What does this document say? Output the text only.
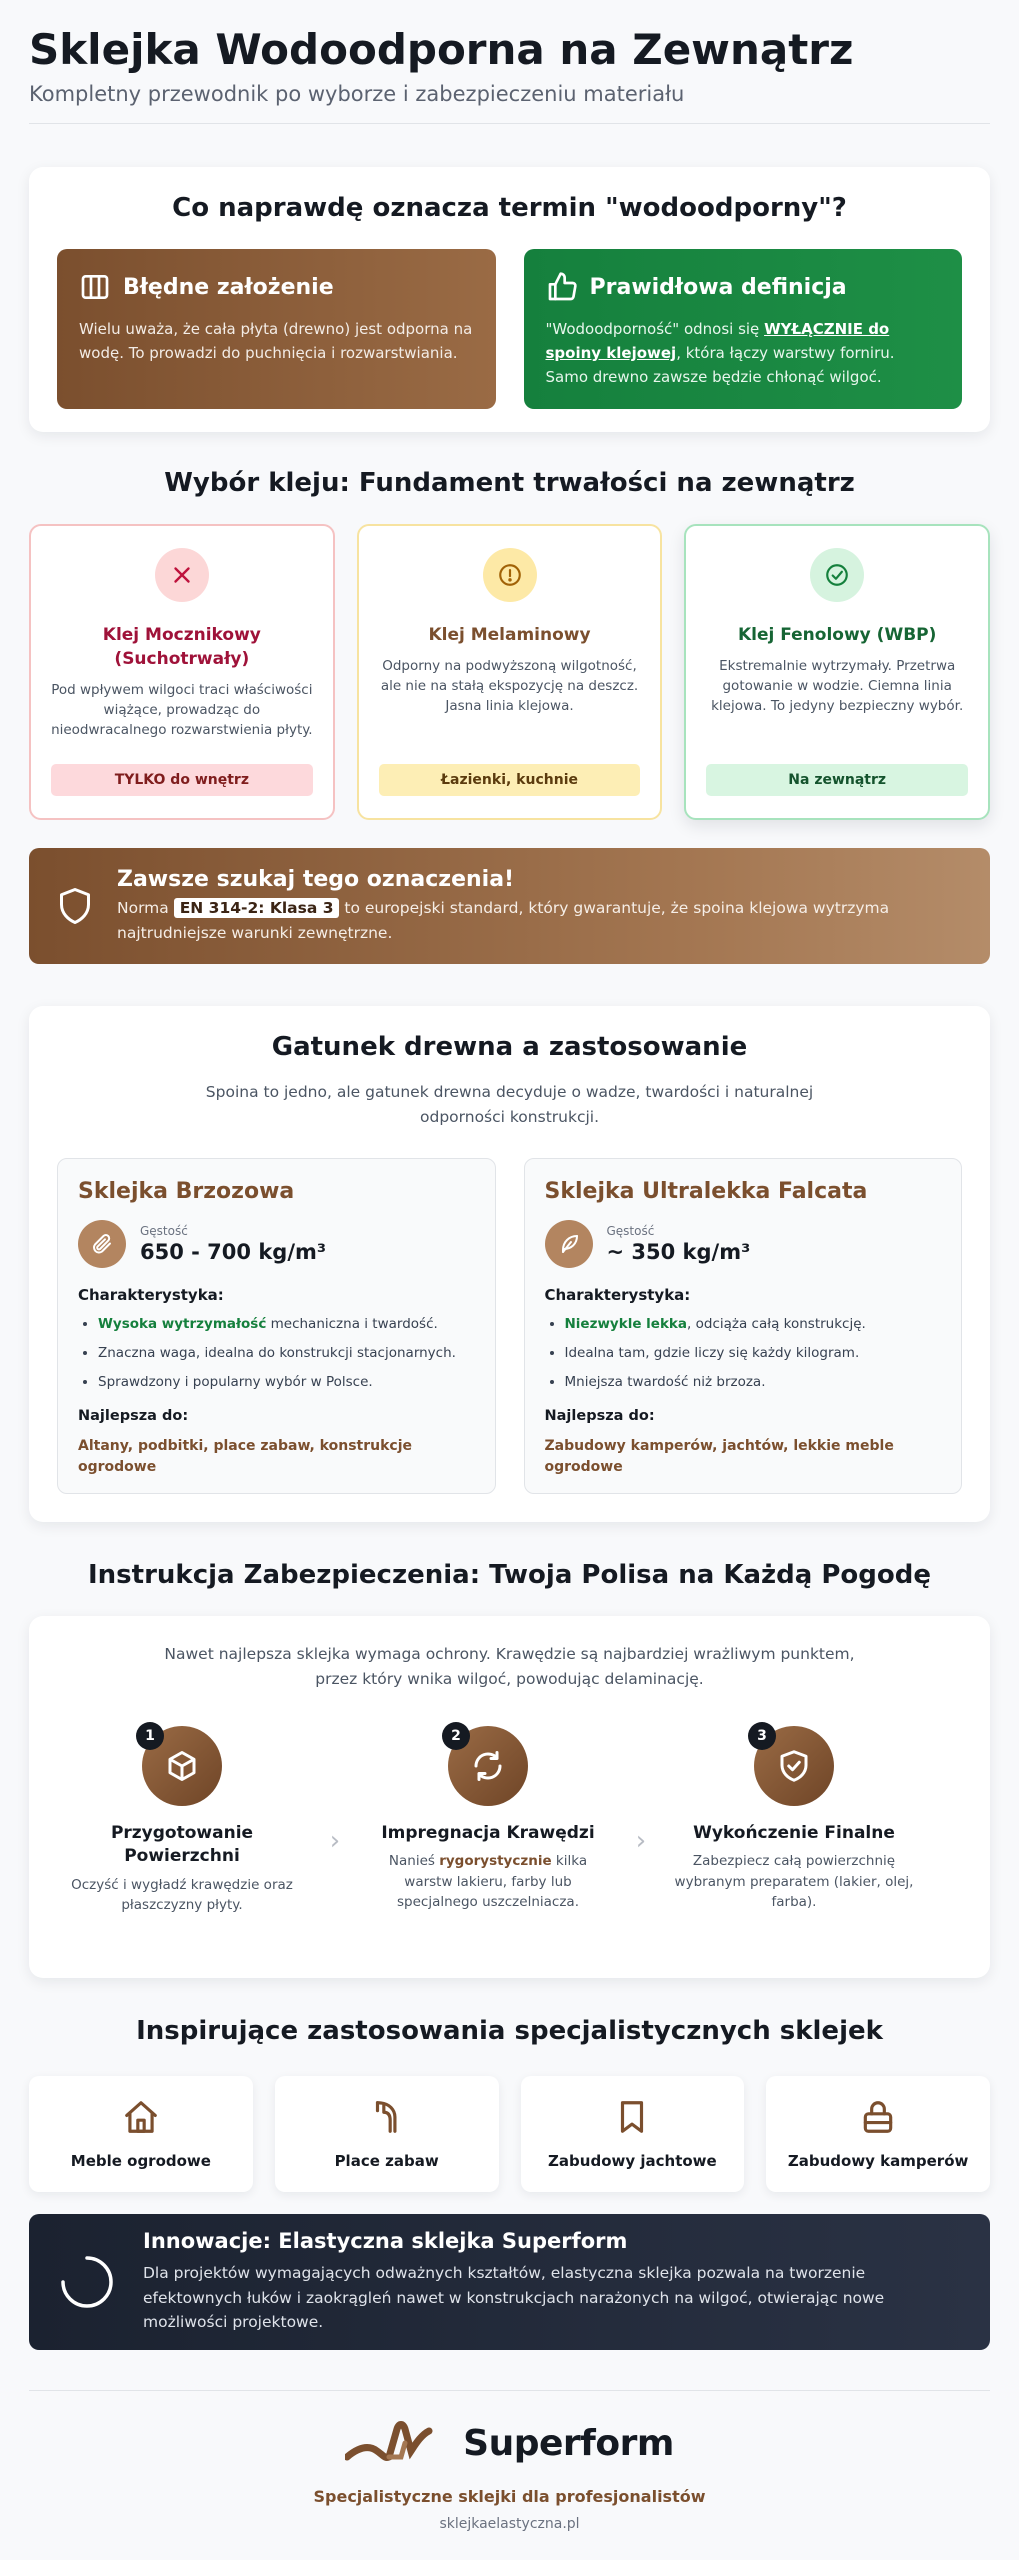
Sklejka Wodoodporna na Zewnątrz

Kompletny przewodnik po wyborze i zabezpieczeniu materiału

Co naprawdę oznacza termin "wodoodporny"?
Błędne założenie

Wielu uważa, że cała płyta (drewno) jest odporna na wodę. To prowadzi do puchnięcia i rozwarstwiania.

Prawidłowa definicja

"Wodoodporność" odnosi się WYŁĄCZNIE do spoiny klejowej, która łączy warstwy forniru. Samo drewno zawsze będzie chłonąć wilgoć.

Wybór kleju: Fundament trwałości na zewnątrz
Klej Mocznikowy (Suchotrwały)
Pod wpływem wilgoci traci właściwości wiążące, prowadząc do nieodwracalnego rozwarstwienia płyty.
TYLKO do wnętrz
Klej Melaminowy
Odporny na podwyższoną wilgotność, ale nie na stałą ekspozycję na deszcz. Jasna linia klejowa.
Łazienki, kuchnie
Klej Fenolowy (WBP)
Ekstremalnie wytrzymały. Przetrwa gotowanie w wodzie. Ciemna linia klejowa. To jedyny bezpieczny wybór.
Na zewnątrz
Zawsze szukaj tego oznaczenia!
Norma EN 314-2: Klasa 3 to europejski standard, który gwarantuje, że spoina klejowa wytrzyma najtrudniejsze warunki zewnętrzne.
Gatunek drewna a zastosowanie

Spoina to jedno, ale gatunek drewna decyduje o wadze, twardości i naturalnej odporności konstrukcji.

Sklejka Brzozowa
Gęstość
650 - 700 kg/m³
Charakterystyka:
• Wysoka wytrzymałość mechaniczna i twardość.
• Znaczna waga, idealna do konstrukcji stacjonarnych.
• Sprawdzony i popularny wybór w Polsce.
Najlepsza do:
Altany, podbitki, place zabaw, konstrukcje ogrodowe
Sklejka Ultralekka Falcata
Gęstość
~ 350 kg/m³
Charakterystyka:
• Niezwykle lekka, odciąża całą konstrukcję.
• Idealna tam, gdzie liczy się każdy kilogram.
• Mniejsza twardość niż brzoza.
Najlepsza do:
Zabudowy kamperów, jachtów, lekkie meble ogrodowe
Instrukcja Zabezpieczenia: Twoja Polisa na Każdą Pogodę

Nawet najlepsza sklejka wymaga ochrony. Krawędzie są najbardziej wrażliwym punktem, przez który wnika wilgoć, powodując delaminację.

1
Przygotowanie Powierzchni
Oczyść i wygładź krawędzie oraz płaszczyzny płyty.
›
2
Impregnacja Krawędzi
Nanieś rygorystycznie kilka warstw lakieru, farby lub specjalnego uszczelniacza.
›
3
Wykończenie Finalne
Zabezpiecz całą powierzchnię wybranym preparatem (lakier, olej, farba).
Inspirujące zastosowania specjalistycznych sklejek
Meble ogrodowe	Place zabaw	Zabudowy jachtowe	Zabudowy kamperów
Innowacje: Elastyczna sklejka Superform
Dla projektów wymagających odważnych kształtów, elastyczna sklejka pozwala na tworzenie efektownych łuków i zaokrągleń nawet w konstrukcjach narażonych na wilgoć, otwierając nowe możliwości projektowe.
Superform
Specjalistyczne sklejki dla profesjonalistów
sklejkaelastyczna.pl
